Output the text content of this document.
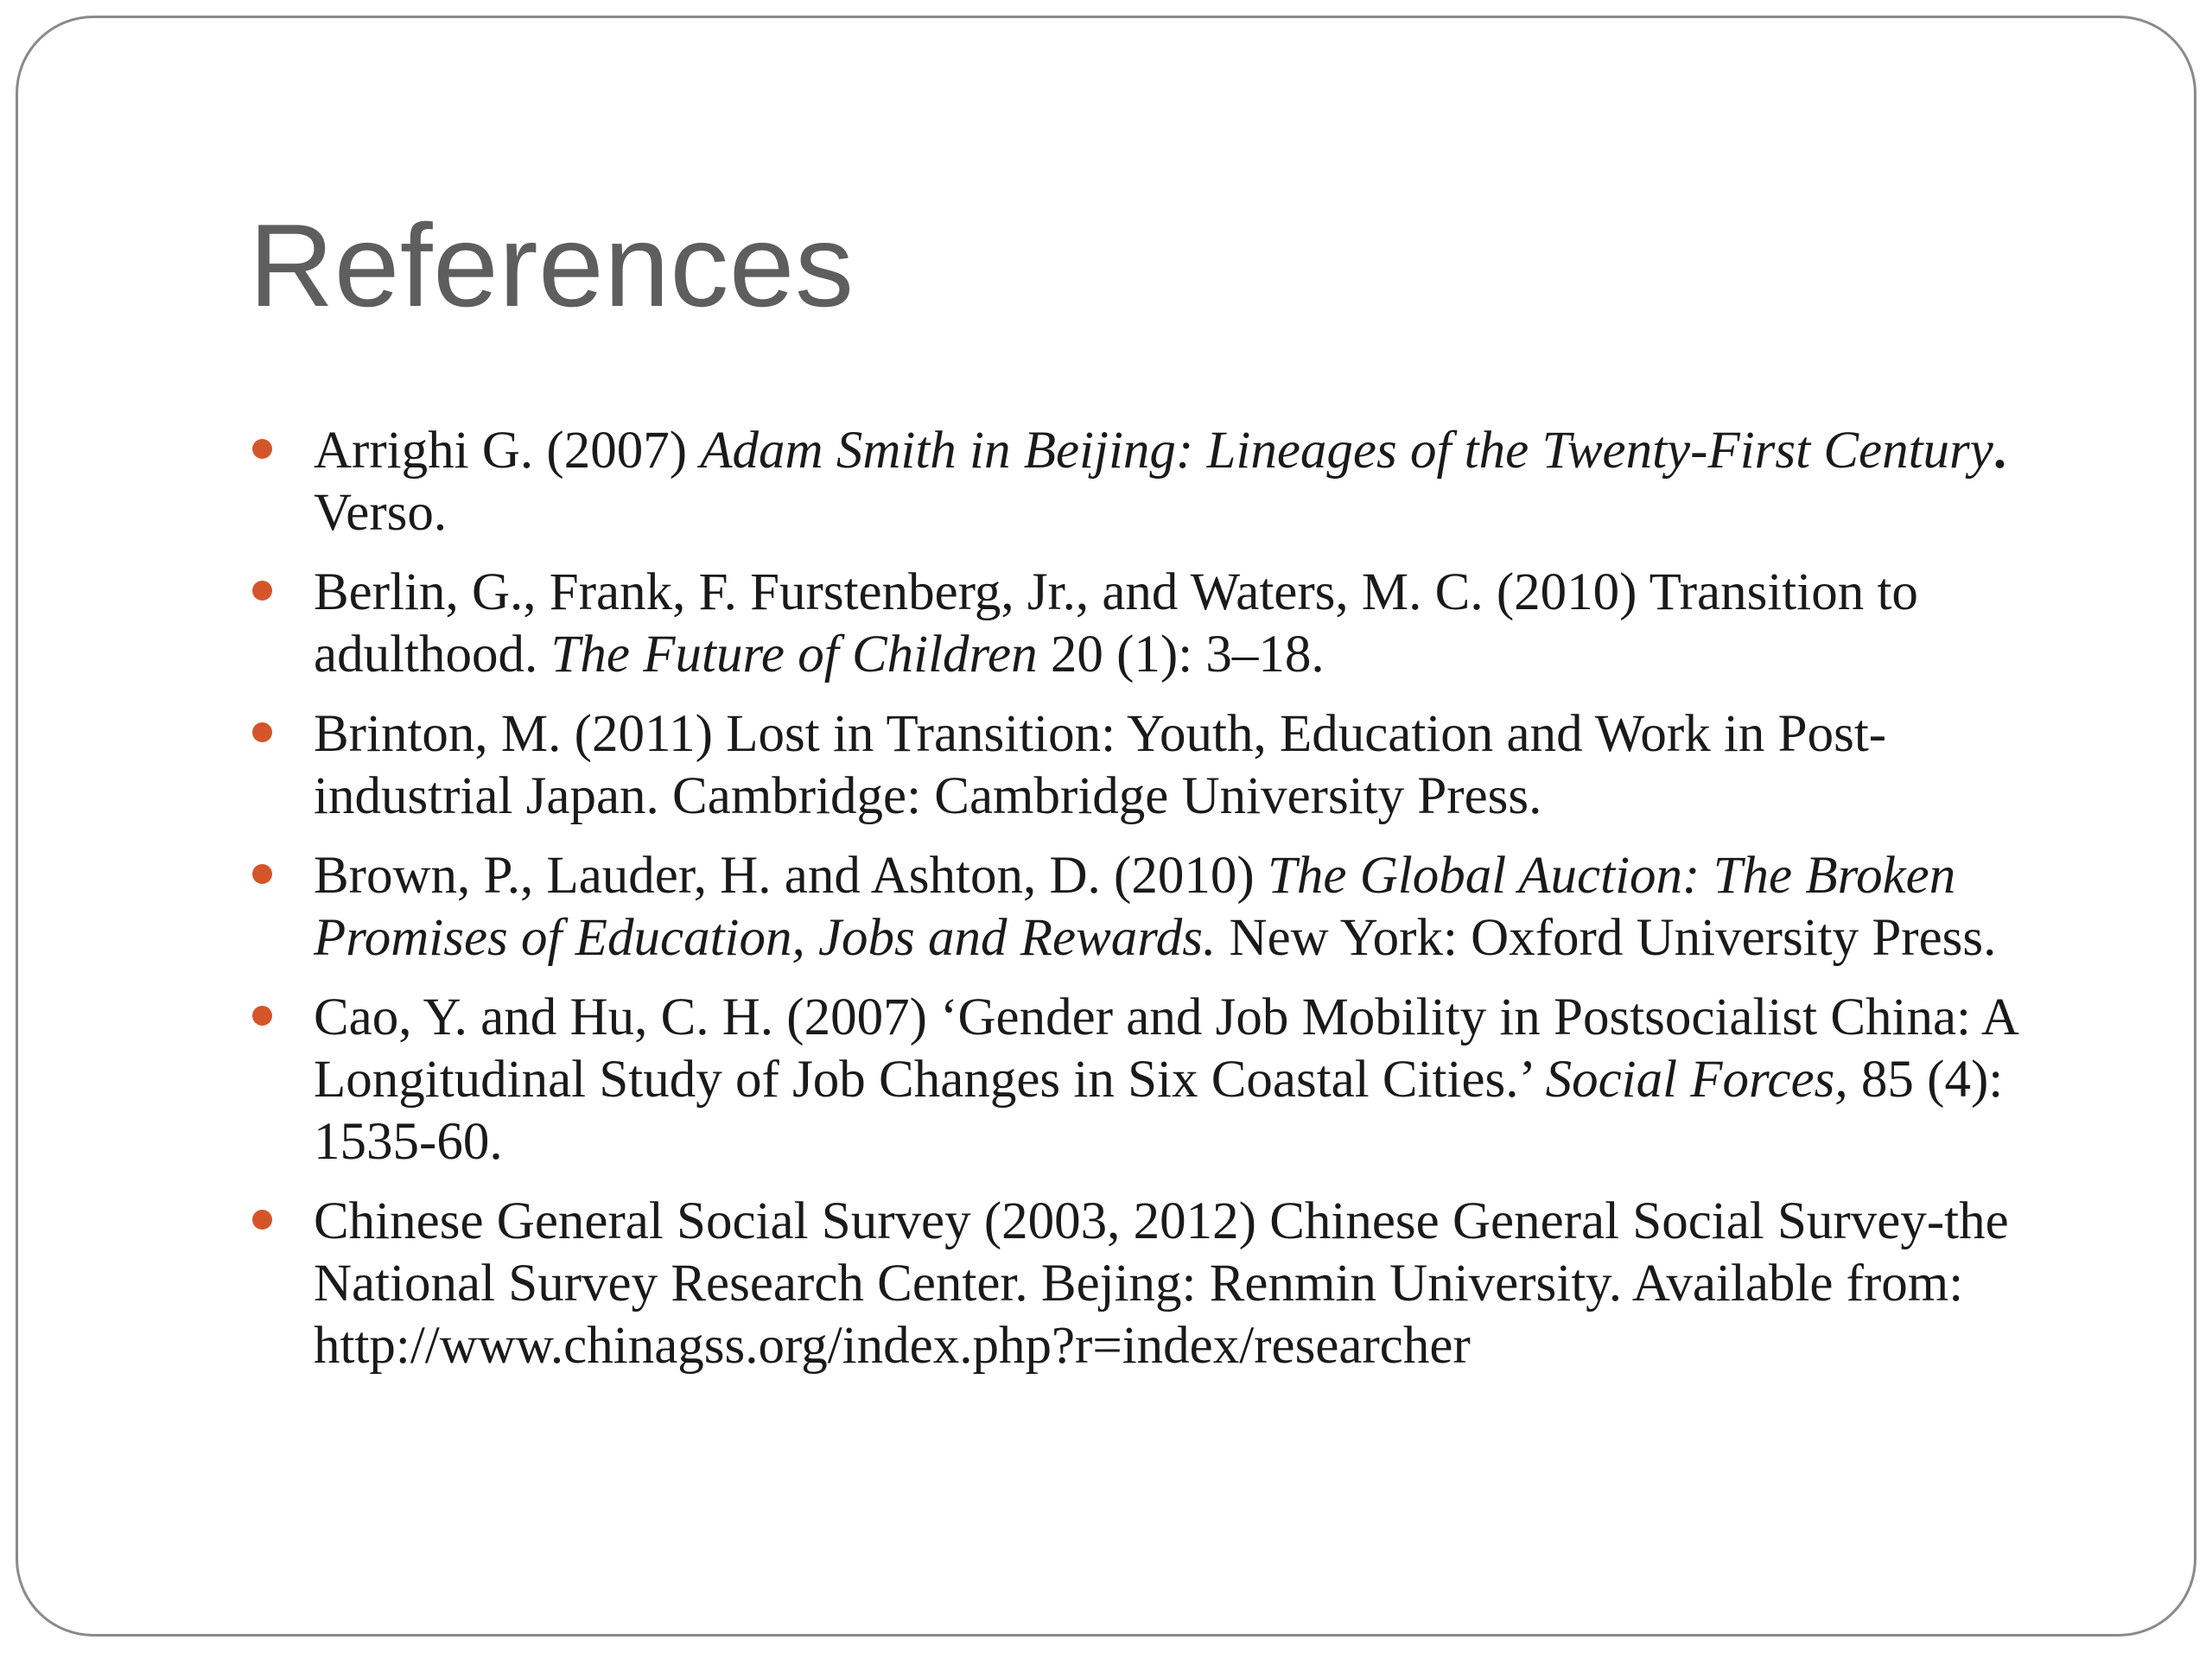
References
Arrighi G. (2007) Adam Smith in Beijing: Lineages of the Twenty-First Century. Verso.
Berlin, G., Frank, F. Furstenberg, Jr., and Waters, M. C. (2010) Transition to adulthood. The Future of Children 20 (1): 3–18.
Brinton, M. (2011) Lost in Transition: Youth, Education and Work in Post-industrial Japan. Cambridge: Cambridge University Press.
Brown, P., Lauder, H. and Ashton, D. (2010) The Global Auction: The Broken Promises of Education, Jobs and Rewards. New York: Oxford University Press.
Cao, Y. and Hu, C. H. (2007) ‘Gender and Job Mobility in Postsocialist China: A Longitudinal Study of Job Changes in Six Coastal Cities.’ Social Forces, 85 (4): 1535-60.
Chinese General Social Survey (2003, 2012) Chinese General Social Survey-the National Survey Research Center. Bejing: Renmin University. Available from: http://www.chinagss.org/index.php?r=index/researcher
